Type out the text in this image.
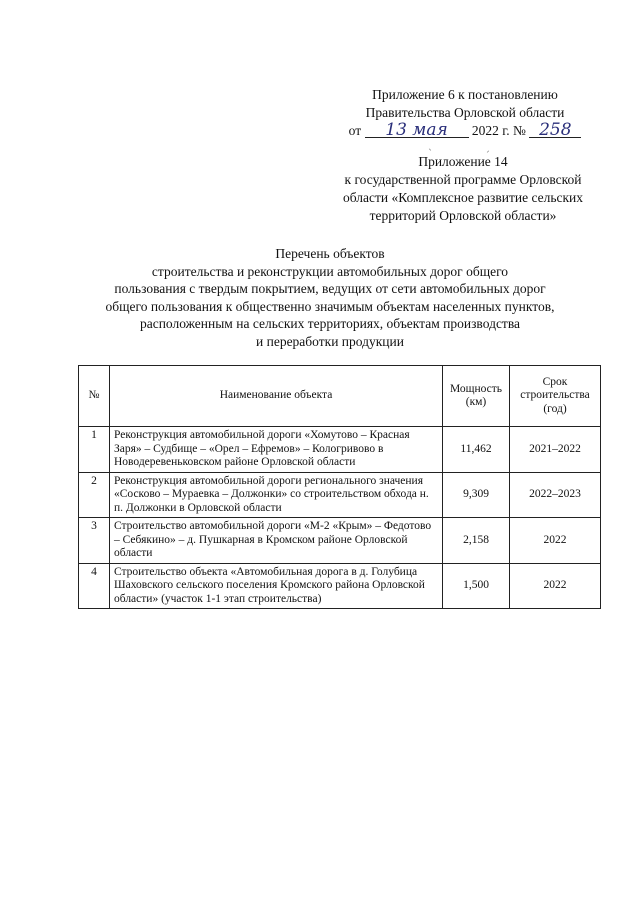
Приложение 6 к постановлению
Правительства Орловской области
от 13 мая 2022 г. № 258
ˎ	ˏ
Приложение 14
к государственной программе Орловской
области «Комплексное развитие сельских
территорий Орловской области»
Перечень объектов
строительства и реконструкции автомобильных дорог общего
пользования с твердым покрытием, ведущих от сети автомобильных дорог
общего пользования к общественно значимым объектам населенных пунктов,
расположенным на сельских территориях, объектам производства
и переработки продукции
№	Наименование объекта	Мощность (км)	Срок строительства (год)
1	Реконструкция автомобильной дороги «Хомутово – Красная Заря» – Судбище – «Орел – Ефремов» – Кологривово в Новодеревеньковском районе Орловской области	11,462	2021–2022
2	Реконструкция автомобильной дороги регионального значения «Сосково – Мураевка – Должонки» со строительством обхода н. п. Должонки в Орловской области	9,309	2022–2023
3	Строительство автомобильной дороги «М-2 «Крым» – Федотово – Себякино» – д. Пушкарная в Кромском районе Орловской области	2,158	2022
4	Строительство объекта «Автомобильная дорога в д. Голубица Шаховского сельского поселения Кромского района Орловской области» (участок 1-1 этап строительства)	1,500	2022
